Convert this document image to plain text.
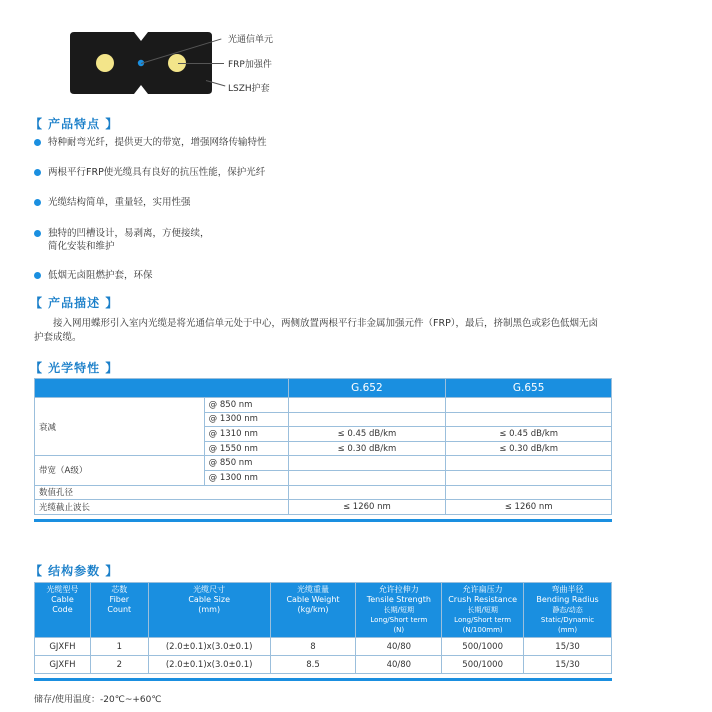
光通信单元
FRP加强件
LSZH护套
【 产品特点 】
特种耐弯光纤，提供更大的带宽，增强网络传输特性
两根平行FRP使光缆具有良好的抗压性能，保护光纤
光缆结构简单，重量轻，实用性强
独特的凹槽设计，易剥离，方便接续，
简化安装和维护
低烟无卤阻燃护套，环保
【 产品描述 】
接入网用蝶形引入室内光缆是将光通信单元处于中心，两侧放置两根平行非金属加强元件（FRP），最后，挤制黑色或彩色低烟无卤护套成缆。
【 光学特性 】
		G.652	G.655
衰减	@ 850 nm		
	@ 1300 nm		
	@ 1310 nm	≤ 0.45 dB/km	≤ 0.45 dB/km
	@ 1550 nm	≤ 0.30 dB/km	≤ 0.30 dB/km
带宽（A级）	@ 850 nm		
	@ 1300 nm		
数值孔径			
光缆截止波长		≤ 1260 nm	≤ 1260 nm
【 结构参数 】
光缆型号
Cable
Code	芯数
Fiber
Count	光缆尺寸
Cable Size
(mm)	光缆重量
Cable Weight
(kg/km)	允许拉伸力
Tensile Strength
长期/短期
Long/Short term
(N)	允许扁压力
Crush Resistance
长期/短期
Long/Short term
(N/100mm)	弯曲半径
Bending Radius
静态/动态
Static/Dynamic
(mm)
GJXFH	1	(2.0±0.1)x(3.0±0.1)	8	40/80	500/1000	15/30
GJXFH	2	(2.0±0.1)x(3.0±0.1)	8.5	40/80	500/1000	15/30
储存/使用温度：-20℃~+60℃
